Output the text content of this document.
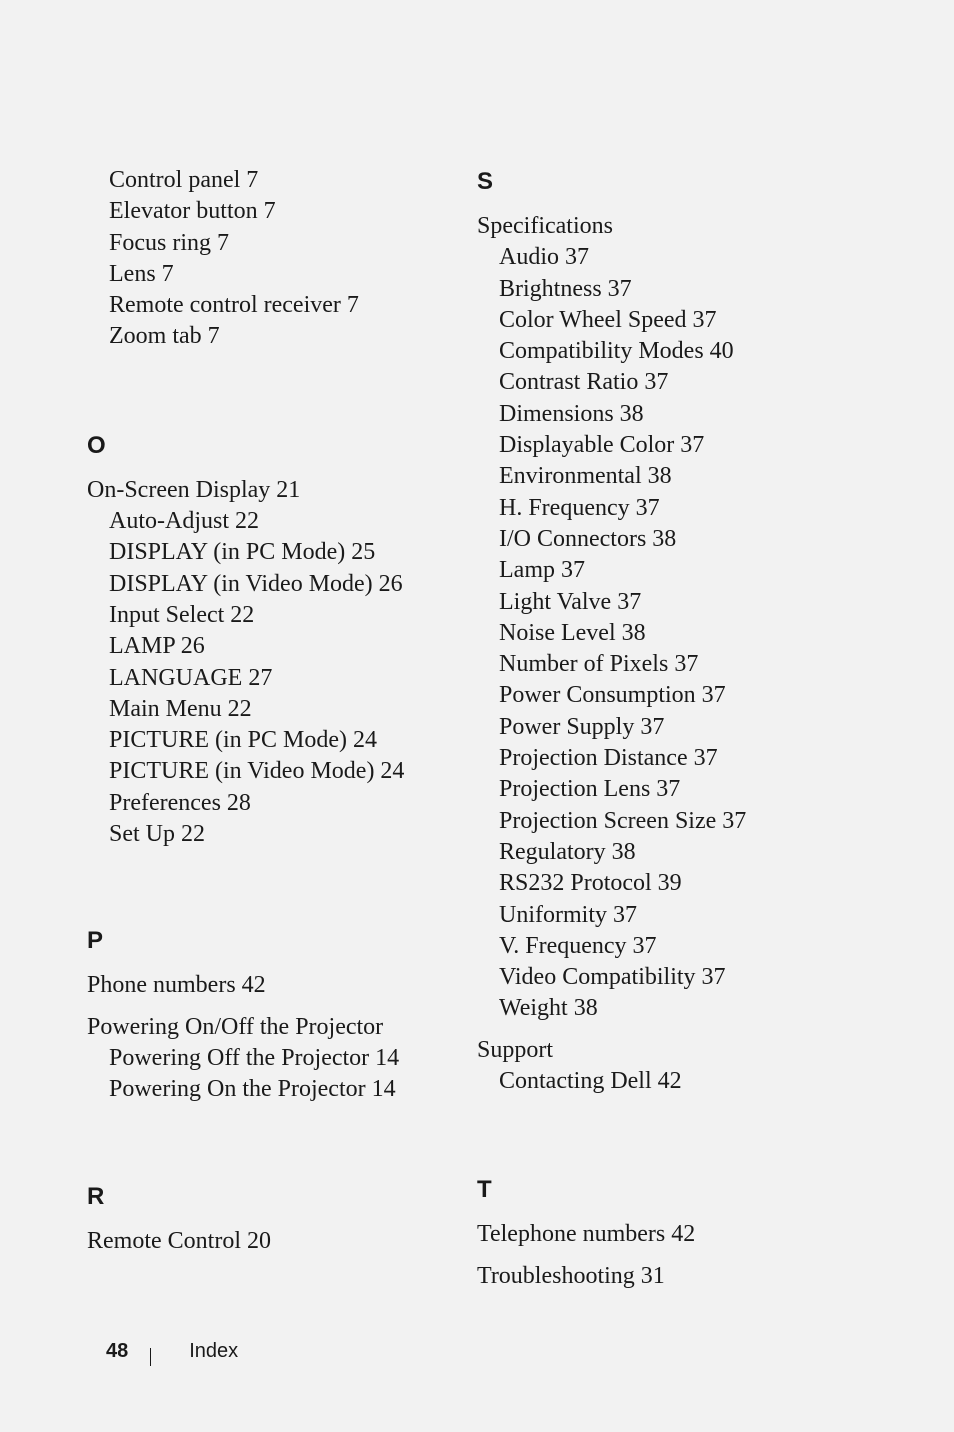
Control panel 7
Elevator button 7
Focus ring 7
Lens 7
Remote control receiver 7
Zoom tab 7
O
On-Screen Display 21
Auto-Adjust 22
DISPLAY (in PC Mode) 25
DISPLAY (in Video Mode) 26
Input Select 22
LAMP 26
LANGUAGE 27
Main Menu 22
PICTURE (in PC Mode) 24
PICTURE (in Video Mode) 24
Preferences 28
Set Up 22
P
Phone numbers 42
Powering On/Off the Projector
Powering Off the Projector 14
Powering On the Projector 14
R
Remote Control 20
S
Specifications
Audio 37
Brightness 37
Color Wheel Speed 37
Compatibility Modes 40
Contrast Ratio 37
Dimensions 38
Displayable Color 37
Environmental 38
H. Frequency 37
I/O Connectors 38
Lamp 37
Light Valve 37
Noise Level 38
Number of Pixels 37
Power Consumption 37
Power Supply 37
Projection Distance 37
Projection Lens 37
Projection Screen Size 37
Regulatory 38
RS232 Protocol 39
Uniformity 37
V. Frequency 37
Video Compatibility 37
Weight 38
Support
Contacting Dell 42
T
Telephone numbers 42
Troubleshooting 31
48	Index
